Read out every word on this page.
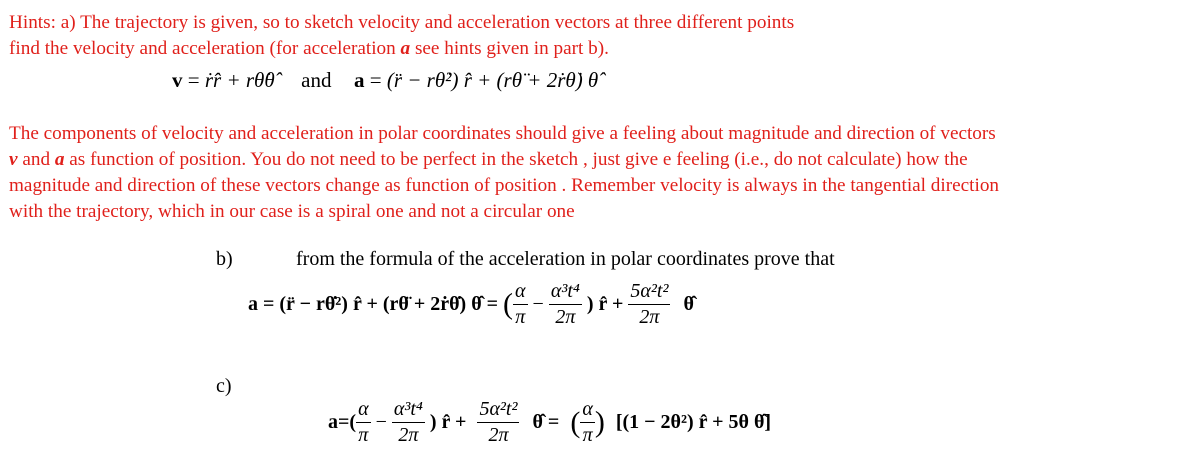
Hints: a) The trajectory is given, so to sketch velocity and acceleration vectors at three different points
find the velocity and acceleration (for acceleration a see hints given in part b).
v = ṙr̂ + rθ̇θ̂ and a = (r̈ − rθ̇²) r̂ + (rθ̈ + 2ṙθ̇) θ̂
The components of velocity and acceleration in polar coordinates should give a feeling about magnitude and direction of vectors
v and a as function of position. You do not need to be perfect in the sketch , just give e feeling (i.e., do not calculate) how the
magnitude and direction of these vectors change as function of position . Remember velocity is always in the tangential direction
with the trajectory, which in our case is a spiral one and not a circular one
b)	from the formula of the acceleration in polar coordinates prove that
a = (r̈ − rθ̇²) r̂ + (rθ̈ + 2ṙθ̇) θ̂ = ( $\frac{\alpha}{\pi} - \frac{\text{α³t⁴}}{2\pi}$ ) r̂ + $\frac{\text{5α²t²}}{2\pi}$ θ̂
c)
$a=( \frac{\alpha}{\pi} - \frac{\text{α³t⁴}}{2\pi}$ ) r̂ + $\frac{\text{5α²t²}}{2\pi}$ θ̂ = ( $\frac{\alpha}{\pi}$ ) [(1 − 2θ²) r̂ + 5θ θ̂]
